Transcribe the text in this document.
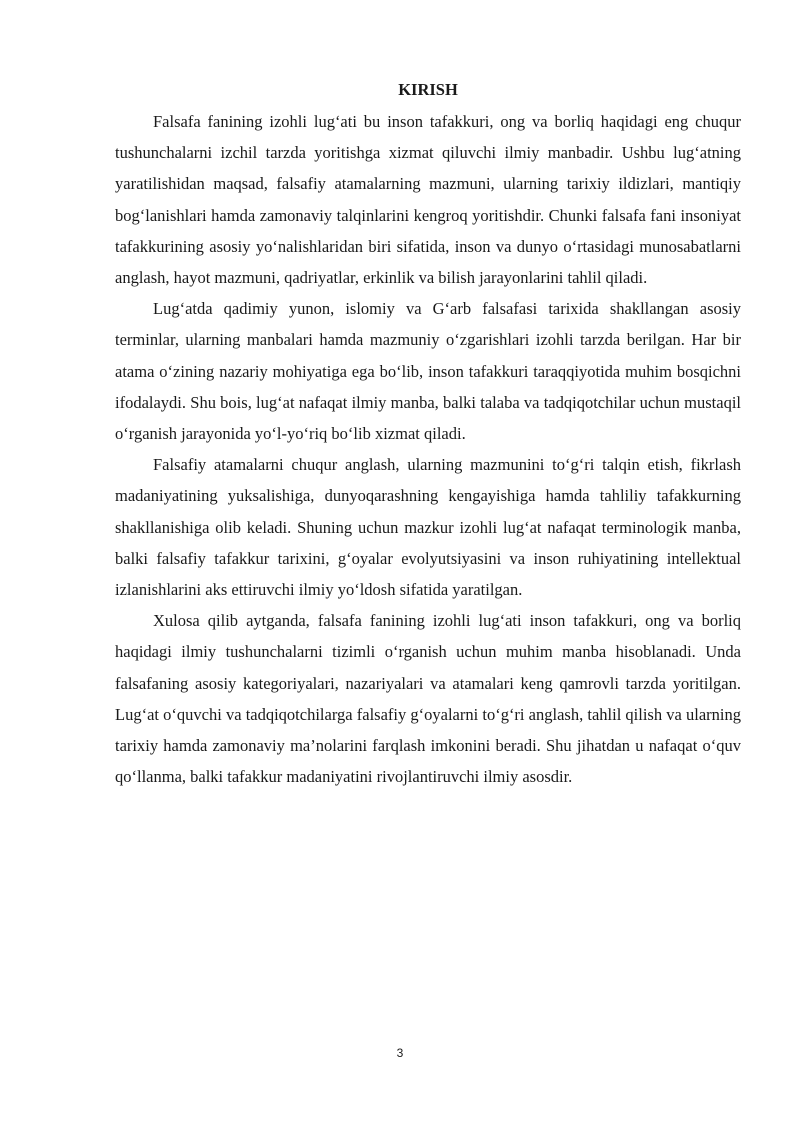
KIRISH

Falsafa fanining izohli lug‘ati bu inson tafakkuri, ong va borliq haqidagi eng chuqur tushunchalarni izchil tarzda yoritishga xizmat qiluvchi ilmiy manbadir. Ushbu lug‘atning yaratilishidan maqsad, falsafiy atamalarning mazmuni, ularning tarixiy ildizlari, mantiqiy bog‘lanishlari hamda zamonaviy talqinlarini kengroq yoritishdir. Chunki falsafa fani insoniyat tafakkurining asosiy yo‘nalishlaridan biri sifatida, inson va dunyo o‘rtasidagi munosabatlarni anglash, hayot mazmuni, qadriyatlar, erkinlik va bilish jarayonlarini tahlil qiladi.

Lug‘atda qadimiy yunon, islomiy va G‘arb falsafasi tarixida shakllangan asosiy terminlar, ularning manbalari hamda mazmuniy o‘zgarishlari izohli tarzda berilgan. Har bir atama o‘zining nazariy mohiyatiga ega bo‘lib, inson tafakkuri taraqqiyotida muhim bosqichni ifodalaydi. Shu bois, lug‘at nafaqat ilmiy manba, balki talaba va tadqiqotchilar uchun mustaqil o‘rganish jarayonida yo‘l-yo‘riq bo‘lib xizmat qiladi.

Falsafiy atamalarni chuqur anglash, ularning mazmunini to‘g‘ri talqin etish, fikrlash madaniyatining yuksalishiga, dunyoqarashning kengayishiga hamda tahliliy tafakkurning shakllanishiga olib keladi. Shuning uchun mazkur izohli lug‘at nafaqat terminologik manba, balki falsafiy tafakkur tarixini, g‘oyalar evolyutsiyasini va inson ruhiyatining intellektual izlanishlarini aks ettiruvchi ilmiy yo‘ldosh sifatida yaratilgan.

Xulosa qilib aytganda, falsafa fanining izohli lug‘ati inson tafakkuri, ong va borliq haqidagi ilmiy tushunchalarni tizimli o‘rganish uchun muhim manba hisoblanadi. Unda falsafaning asosiy kategoriyalari, nazariyalari va atamalari keng qamrovli tarzda yoritilgan. Lug‘at o‘quvchi va tadqiqotchilarga falsafiy g‘oyalarni to‘g‘ri anglash, tahlil qilish va ularning tarixiy hamda zamonaviy ma’nolarini farqlash imkonini beradi. Shu jihatdan u nafaqat o‘quv qo‘llanma, balki tafakkur madaniyatini rivojlantiruvchi ilmiy asosdir.

3
